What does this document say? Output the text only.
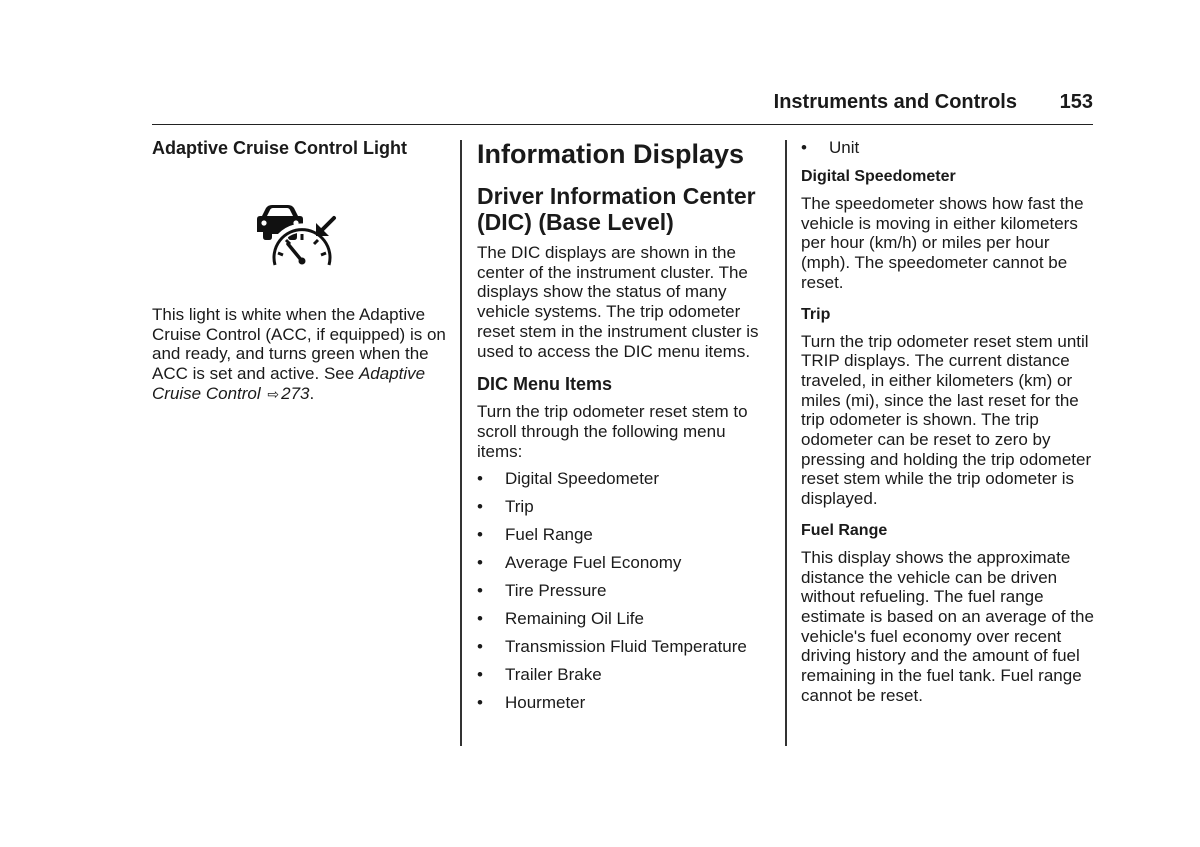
Instruments and Controls 153

Adaptive Cruise Control Light

This light is white when the Adaptive Cruise Control (ACC, if equipped) is on and ready, and turns green when the ACC is set and active. See Adaptive Cruise Control ⇨ 273.

Information Displays

Driver Information Center (DIC) (Base Level)

The DIC displays are shown in the center of the instrument cluster. The displays show the status of many vehicle systems. The trip odometer reset stem in the instrument cluster is used to access the DIC menu items.

DIC Menu Items

Turn the trip odometer reset stem to scroll through the following menu items:

• Digital Speedometer
• Trip
• Fuel Range
• Average Fuel Economy
• Tire Pressure
• Remaining Oil Life
• Transmission Fluid Temperature
• Trailer Brake
• Hourmeter
• Unit

Digital Speedometer

The speedometer shows how fast the vehicle is moving in either kilometers per hour (km/h) or miles per hour (mph). The speedometer cannot be reset.

Trip

Turn the trip odometer reset stem until TRIP displays. The current distance traveled, in either kilometers (km) or miles (mi), since the last reset for the trip odometer is shown. The trip odometer can be reset to zero by pressing and holding the trip odometer reset stem while the trip odometer is displayed.

Fuel Range

This display shows the approximate distance the vehicle can be driven without refueling. The fuel range estimate is based on an average of the vehicle's fuel economy over recent driving history and the amount of fuel remaining in the fuel tank. Fuel range cannot be reset.
